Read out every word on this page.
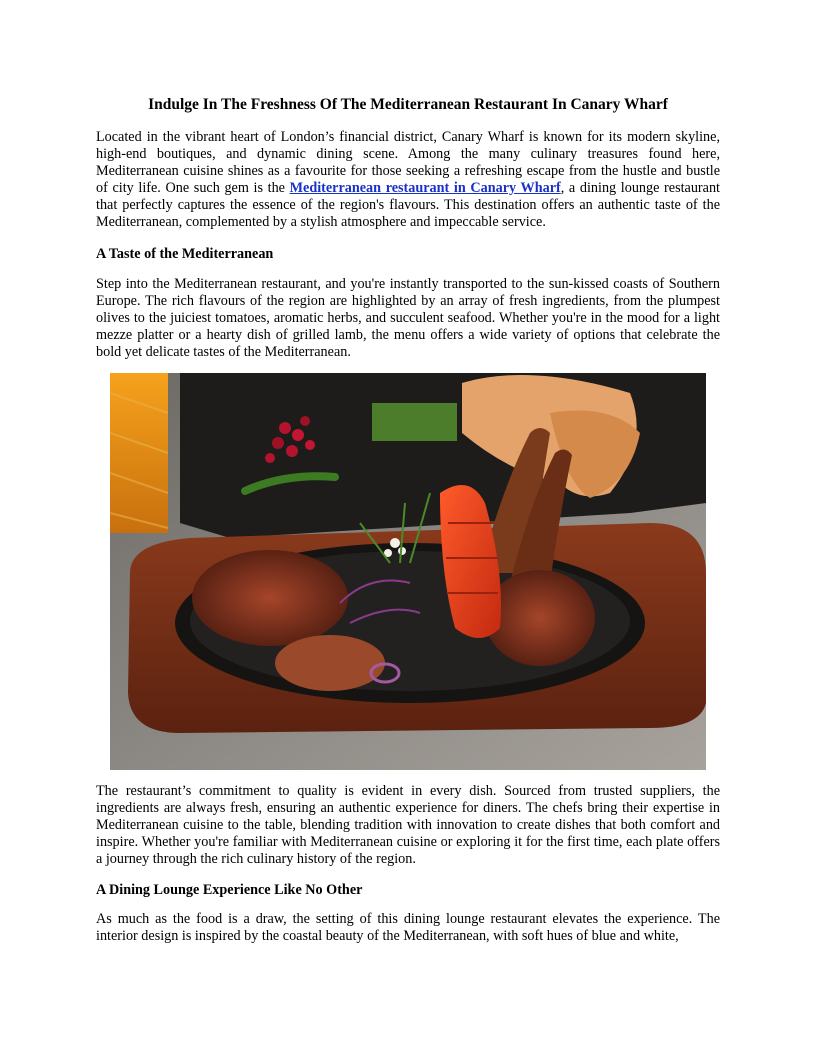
Indulge In The Freshness Of The Mediterranean Restaurant In Canary Wharf

Located in the vibrant heart of London’s financial district, Canary Wharf is known for its modern skyline, high-end boutiques, and dynamic dining scene. Among the many culinary treasures found here, Mediterranean cuisine shines as a favourite for those seeking a refreshing escape from the hustle and bustle of city life. One such gem is the Mediterranean restaurant in Canary Wharf, a dining lounge restaurant that perfectly captures the essence of the region's flavours. This destination offers an authentic taste of the Mediterranean, complemented by a stylish atmosphere and impeccable service.

A Taste of the Mediterranean

Step into the Mediterranean restaurant, and you're instantly transported to the sun-kissed coasts of Southern Europe. The rich flavours of the region are highlighted by an array of fresh ingredients, from the plumpest olives to the juiciest tomatoes, aromatic herbs, and succulent seafood. Whether you're in the mood for a light mezze platter or a hearty dish of grilled lamb, the menu offers a wide variety of options that celebrate the bold yet delicate tastes of the Mediterranean.

The restaurant’s commitment to quality is evident in every dish. Sourced from trusted suppliers, the ingredients are always fresh, ensuring an authentic experience for diners. The chefs bring their expertise in Mediterranean cuisine to the table, blending tradition with innovation to create dishes that both comfort and inspire. Whether you're familiar with Mediterranean cuisine or exploring it for the first time, each plate offers a journey through the rich culinary history of the region.

A Dining Lounge Experience Like No Other

As much as the food is a draw, the setting of this dining lounge restaurant elevates the experience. The interior design is inspired by the coastal beauty of the Mediterranean, with soft hues of blue and white,
